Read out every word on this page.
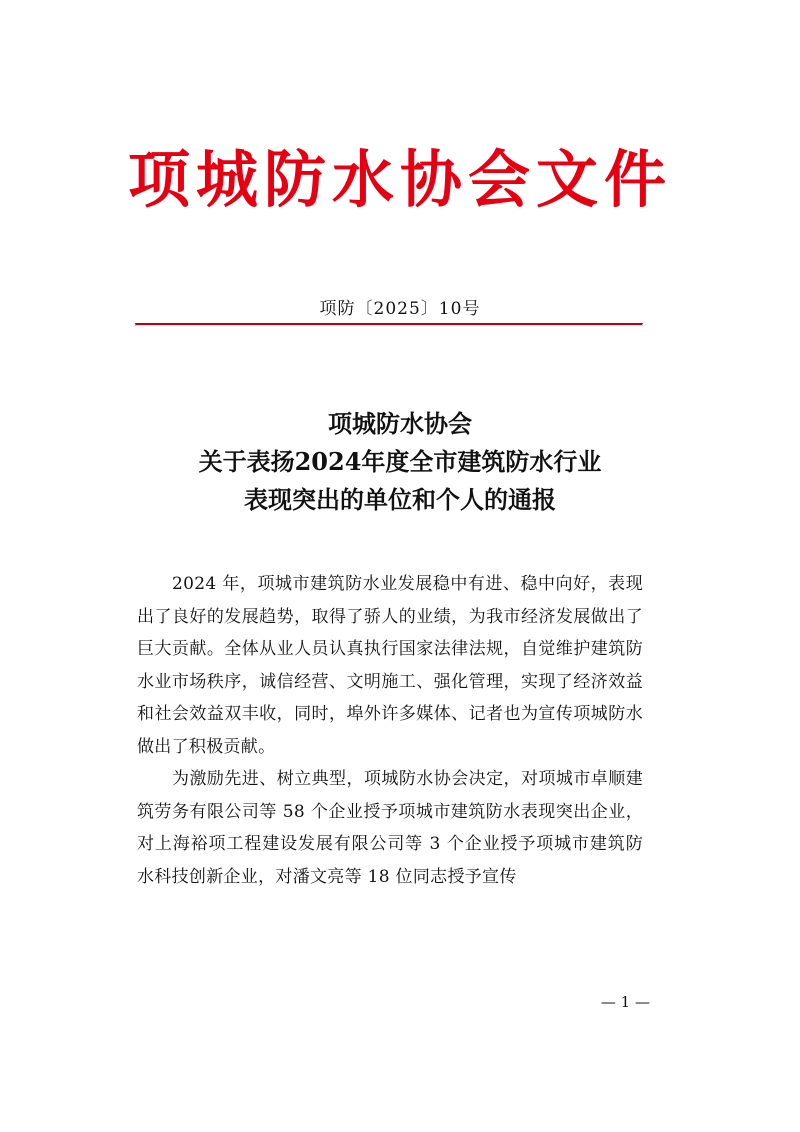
项城防水协会文件
项防〔2025〕10号
项城防水协会
关于表扬2024年度全市建筑防水行业
表现突出的单位和个人的通报

2024 年，项城市建筑防水业发展稳中有进、稳中向好，表现出了良好的发展趋势，取得了骄人的业绩，为我市经济发展做出了巨大贡献。全体从业人员认真执行国家法律法规，自觉维护建筑防水业市场秩序，诚信经营、文明施工、强化管理，实现了经济效益和社会效益双丰收，同时，埠外许多媒体、记者也为宣传项城防水做出了积极贡献。

为激励先进、树立典型，项城防水协会决定，对项城市卓顺建筑劳务有限公司等 58 个企业授予项城市建筑防水表现突出企业，对上海裕项工程建设发展有限公司等 3 个企业授予项城市建筑防水科技创新企业，对潘文亮等 18 位同志授予宣传

— 1 —
